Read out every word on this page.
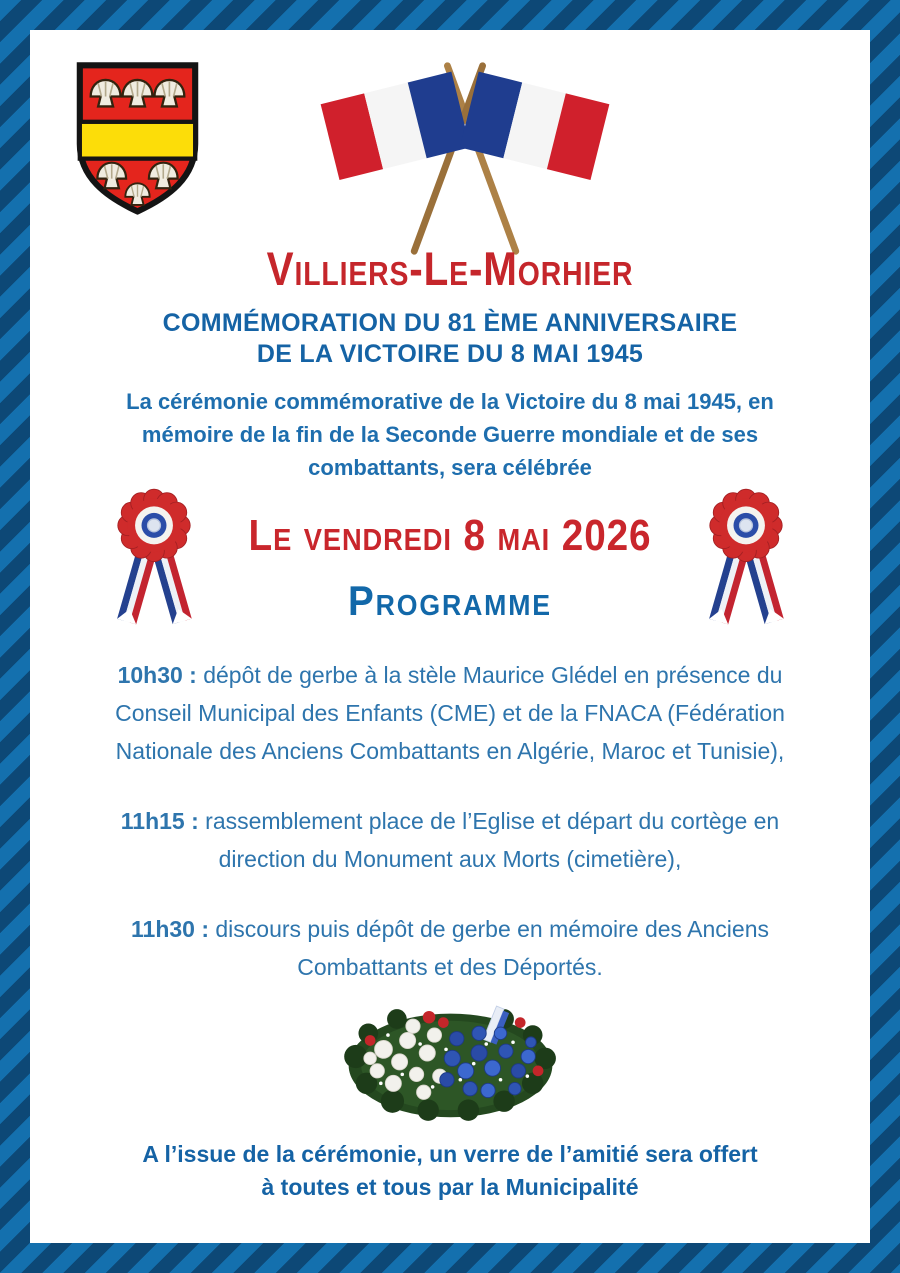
Villiers-Le-Morhier
COMMÉMORATION DU 81 ÈME ANNIVERSAIRE
DE LA VICTOIRE DU 8 MAI 1945

La cérémonie commémorative de la Victoire du 8 mai 1945, en mémoire de la fin de la Seconde Guerre mondiale et de ses combattants, sera célébrée

Le vendredi 8 mai 2026
Programme

10h30 : dépôt de gerbe à la stèle Maurice Glédel en présence du Conseil Municipal des Enfants (CME) et de la FNACA (Fédération Nationale des Anciens Combattants en Algérie, Maroc et Tunisie),

11h15 : rassemblement place de l’Eglise et départ du cortège en direction du Monument aux Morts (cimetière),

11h30 : discours puis dépôt de gerbe en mémoire des Anciens Combattants et des Déportés.

A l’issue de la cérémonie, un verre de l’amitié sera offert
à toutes et tous par la Municipalité
